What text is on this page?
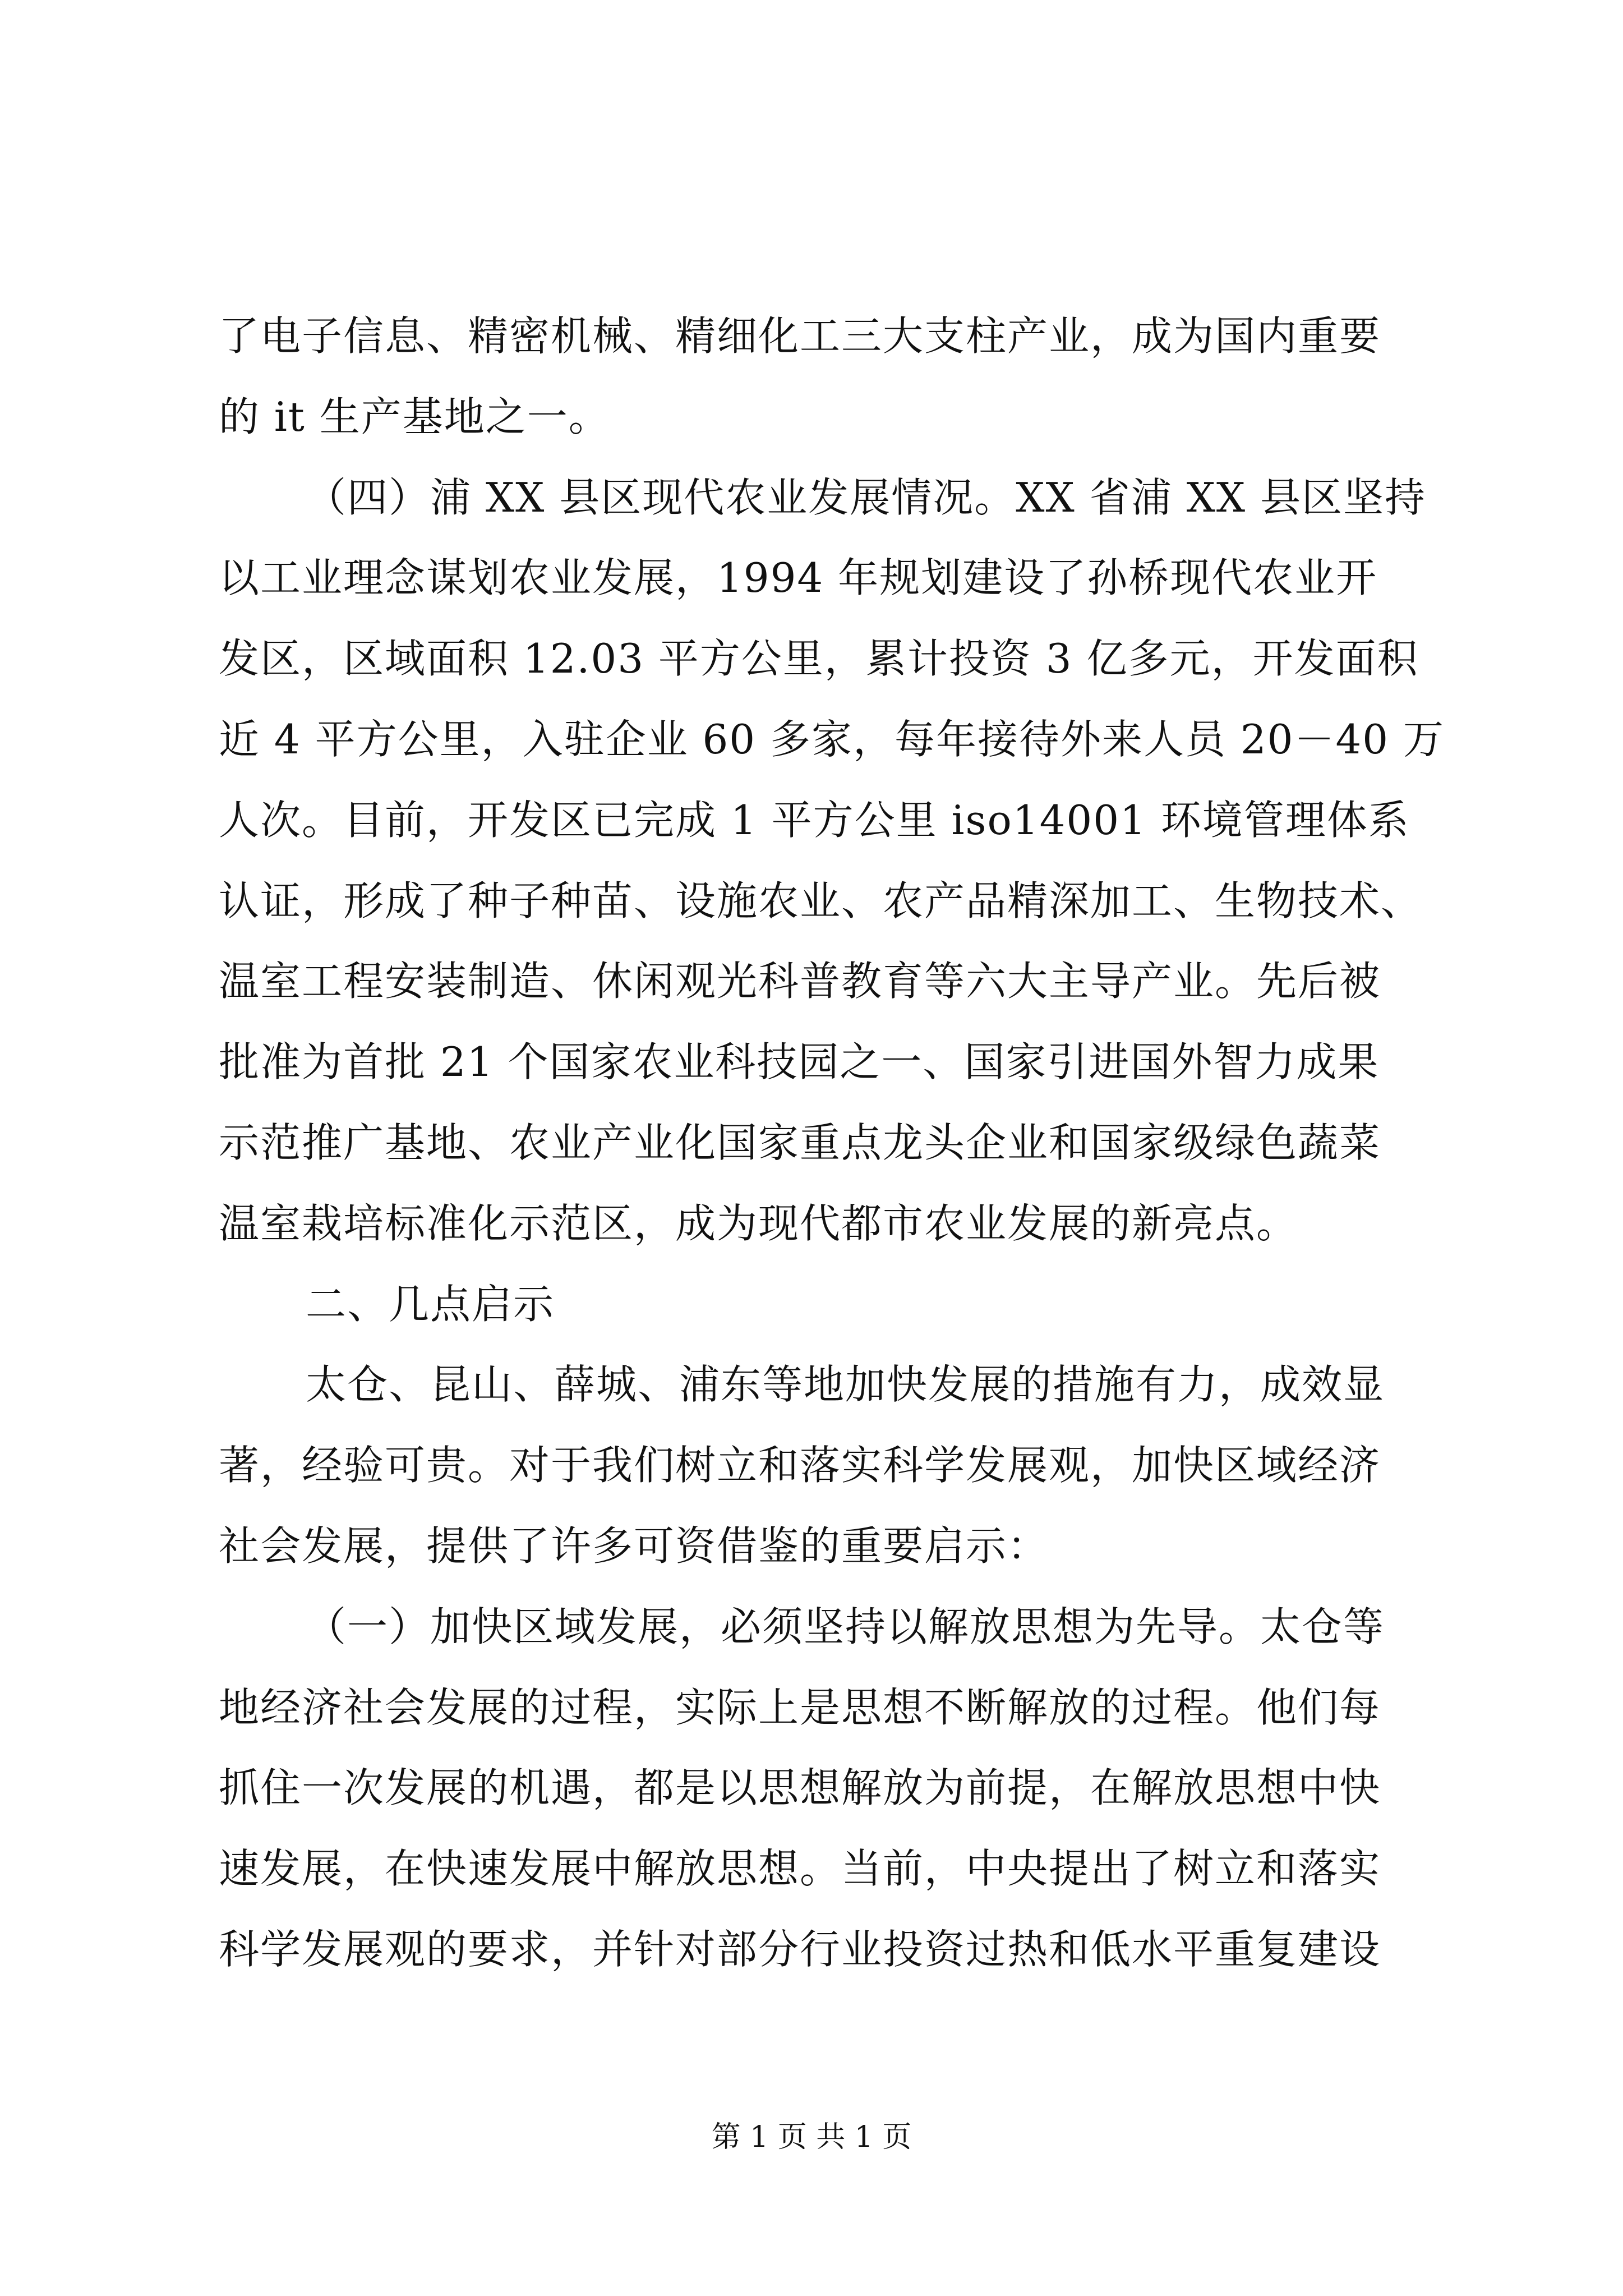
了电子信息、精密机械、精细化工三大支柱产业，成为国内重要
的 it 生产基地之一。
（四）浦 XX 县区现代农业发展情况。XX 省浦 XX 县区坚持
以工业理念谋划农业发展，1994 年规划建设了孙桥现代农业开
发区，区域面积 12.03 平方公里，累计投资 3 亿多元，开发面积
近 4 平方公里，入驻企业 60 多家，每年接待外来人员 20－40 万
人次。目前，开发区已完成 1 平方公里 iso14001 环境管理体系
认证，形成了种子种苗、设施农业、农产品精深加工、生物技术、
温室工程安装制造、休闲观光科普教育等六大主导产业。先后被
批准为首批 21 个国家农业科技园之一、国家引进国外智力成果
示范推广基地、农业产业化国家重点龙头企业和国家级绿色蔬菜
温室栽培标准化示范区，成为现代都市农业发展的新亮点。
二、几点启示
太仓、昆山、薛城、浦东等地加快发展的措施有力，成效显
著，经验可贵。对于我们树立和落实科学发展观，加快区域经济
社会发展，提供了许多可资借鉴的重要启示：
（一）加快区域发展，必须坚持以解放思想为先导。太仓等
地经济社会发展的过程，实际上是思想不断解放的过程。他们每
抓住一次发展的机遇，都是以思想解放为前提，在解放思想中快
速发展，在快速发展中解放思想。当前，中央提出了树立和落实
科学发展观的要求，并针对部分行业投资过热和低水平重复建设
第 1 页 共 1 页
